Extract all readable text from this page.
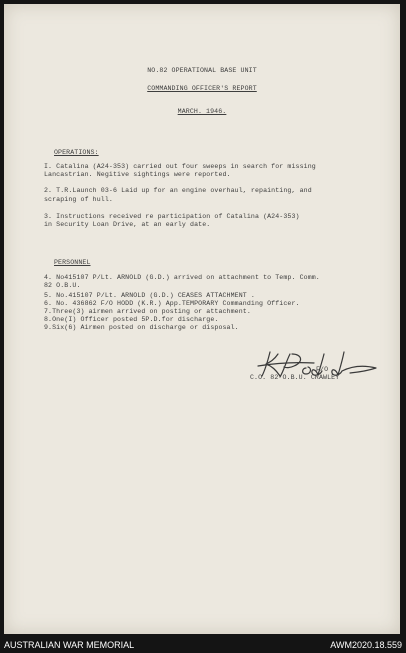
NO.82 OPERATIONAL BASE UNIT
COMMANDING OFFICER'S REPORT
MARCH. 1946.
OPERATIONS:
I. Catalina (A24-353) carried out four sweeps in search for missing
Lancastrian. Negitive sightings were reported.
2. T.R.Launch 03-6 Laid up for an engine overhaul, repainting, and
scraping of hull.
3. Instructions received re participation of Catalina (A24-353)
in Security Loan Drive, at an early date.
PERSONNEL
4. No415107 P/Lt. ARNOLD (G.D.) arrived on attachment to Temp. Comm.
82 O.B.U.
5. No.415107 P/Lt. ARNOLD (G.D.) CEASES ATTACHMENT .
6. No. 436862 F/O HODD (K.R.) App.TEMPORARY Commanding Officer.
7.Three(3) airmen arrived on posting or attachment.
8.One(I) Officer posted 5P.D.for discharge.
9.Six(6) Airmen posted on discharge or disposal.
F/O
C.O. 82 O.B.U. CRAWLEY
AUSTRALIAN WAR MEMORIAL	AWM2020.18.559
